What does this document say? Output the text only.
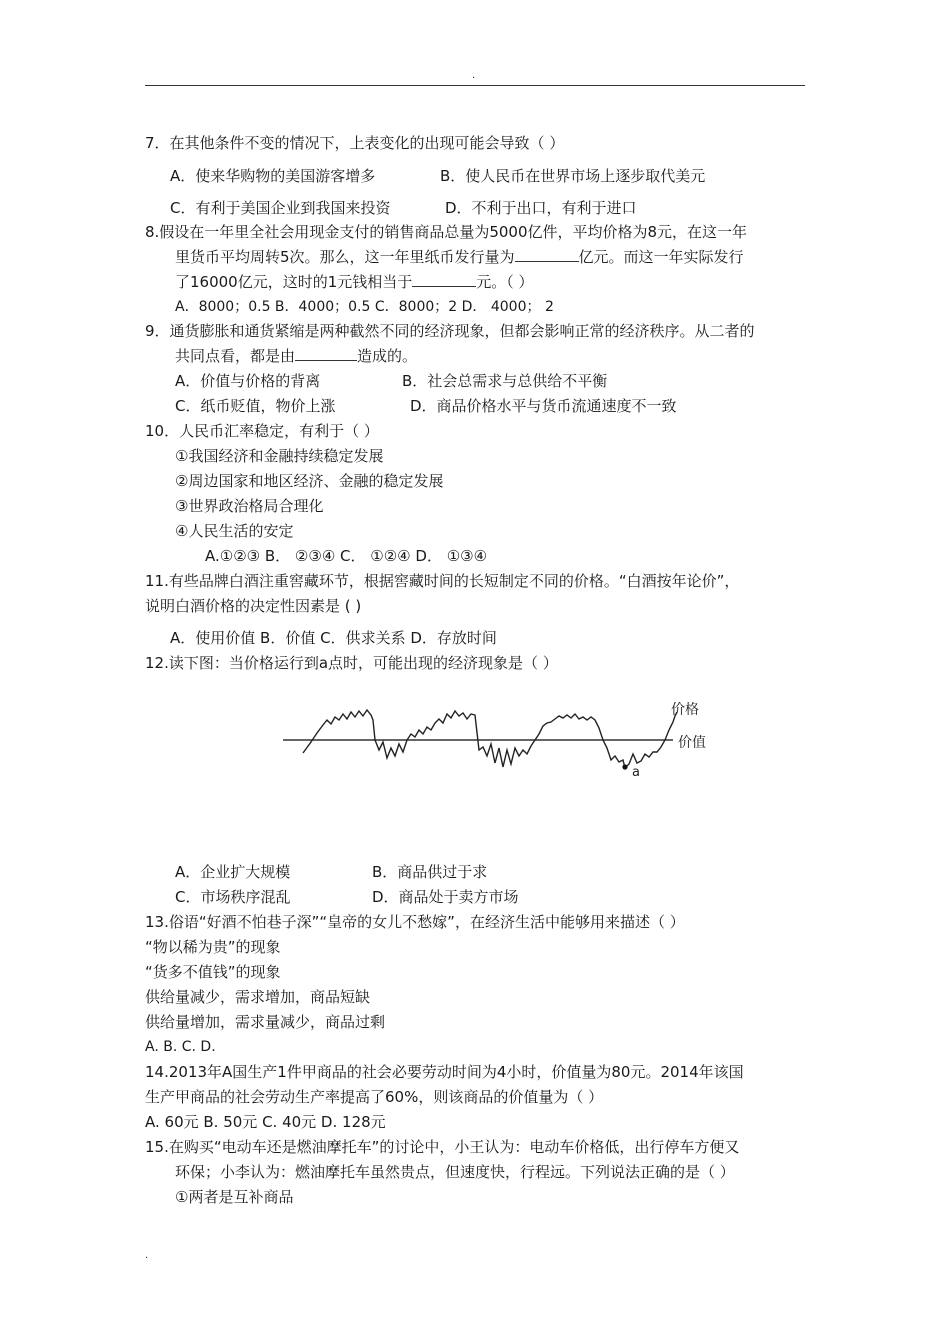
.
7．在其他条件不变的情况下，上表变化的出现可能会导致（ ）
A．使来华购物的美国游客增多	B．使人民币在世界市场上逐步取代美元
C．有利于美国企业到我国来投资	D．不利于出口，有利于进口
8.假设在一年里全社会用现金支付的销售商品总量为5000亿件，平均价格为8元，在这一年
里货币平均周转5次。那么，这一年里纸币发行量为	亿元。而这一年实际发行
了16000亿元，这时的1元钱相当于	元。（ ）
A．8000；0.5 B．4000；0.5 C．8000；2 D． 4000； 2
9．通货膨胀和通货紧缩是两种截然不同的经济现象，但都会影响正常的经济秩序。从二者的
共同点看，都是由	造成的。
A．价值与价格的背离	B．社会总需求与总供给不平衡
C．纸币贬值，物价上涨	D．商品价格水平与货币流通速度不一致
10．人民币汇率稳定，有利于（ ）
①我国经济和金融持续稳定发展
②周边国家和地区经济、金融的稳定发展
③世界政治格局合理化
④人民生活的安定
A.①②③ B． ②③④ C． ①②④ D． ①③④
11.有些品牌白酒注重窖藏环节，根据窖藏时间的长短制定不同的价格。“白酒按年论价”，
说明白酒价格的决定性因素是 ( )
A．使用价值 B．价值 C．供求关系 D．存放时间
12.读下图：当价格运行到a点时，可能出现的经济现象是（ ）
a
价格
价值
A．企业扩大规模	B．商品供过于求
C．市场秩序混乱	D．商品处于卖方市场
13.俗语“好酒不怕巷子深”“皇帝的女儿不愁嫁”，在经济生活中能够用来描述（ ）
“物以稀为贵”的现象
“货多不值钱”的现象
供给量减少，需求增加，商品短缺
供给量增加，需求量减少，商品过剩
A. B. C. D.
14.2013年A国生产1件甲商品的社会必要劳动时间为4小时，价值量为80元。2014年该国
生产甲商品的社会劳动生产率提高了60%，则该商品的价值量为（ ）
A. 60元 B. 50元 C. 40元 D. 128元
15.在购买“电动车还是燃油摩托车”的讨论中，小王认为：电动车价格低，出行停车方便又
环保；小李认为：燃油摩托车虽然贵点，但速度快，行程远。下列说法正确的是（ ）
①两者是互补商品
.
